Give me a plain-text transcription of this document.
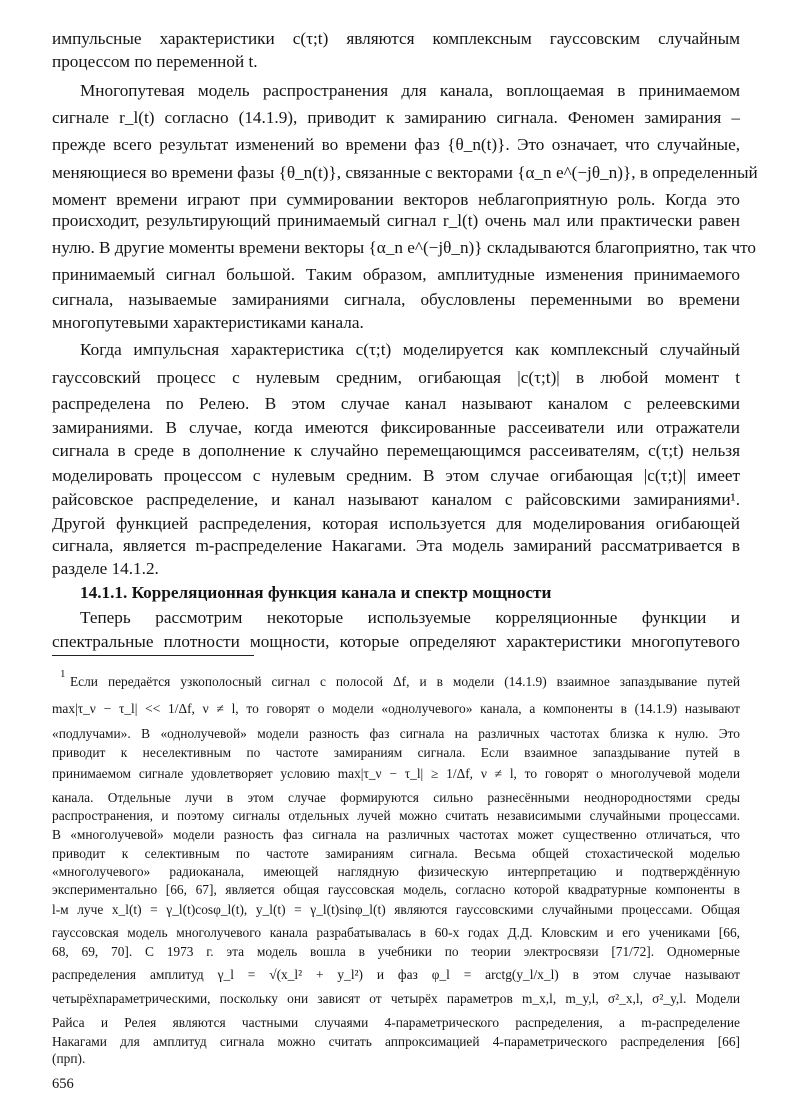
импульсные характеристики c(τ;t) являются комплексным гауссовским случайным
процессом по переменной t.
Многопутевая модель распространения для канала, воплощаемая в принимаемом
сигнале r_l(t) согласно (14.1.9), приводит к замиранию сигнала. Феномен замирания –
прежде всего результат изменений во времени фаз {θ_n(t)}. Это означает, что случайные,
меняющиеся во времени фазы {θ_n(t)}, связанные с векторами {α_n e^(−jθ_n)}, в определенный
момент времени играют при суммировании векторов неблагоприятную роль. Когда это
происходит, результирующий принимаемый сигнал r_l(t) очень мал или практически равен
нулю. В другие моменты времени векторы {α_n e^(−jθ_n)} складываются благоприятно, так что
принимаемый сигнал большой. Таким образом, амплитудные изменения принимаемого
сигнала, называемые замираниями сигнала, обусловлены переменными во времени
многопутевыми характеристиками канала.
Когда импульсная характеристика c(τ;t) моделируется как комплексный случайный
гауссовский процесс с нулевым средним, огибающая |c(τ;t)| в любой момент t
распределена по Релею. В этом случае канал называют каналом с релеевскими
замираниями. В случае, когда имеются фиксированные рассеиватели или отражатели
сигнала в среде в дополнение к случайно перемещающимся рассеивателям, c(τ;t) нельзя
моделировать процессом с нулевым средним. В этом случае огибающая |c(τ;t)| имеет
райсовское распределение, и канал называют каналом с райсовскими замираниями¹.
Другой функцией распределения, которая используется для моделирования огибающей
сигнала, является m-распределение Накагами. Эта модель замираний рассматривается в
разделе 14.1.2.
14.1.1. Корреляционная функция канала и спектр мощности
Теперь рассмотрим некоторые используемые корреляционные функции и
спектральные плотности мощности, которые определяют характеристики многопутевого
1 Если передаётся узкополосный сигнал с полосой Δf, и в модели (14.1.9) взаимное запаздывание путей
max|τ_ν − τ_l| << 1/Δf, ν ≠ l, то говорят о модели «однолучевого» канала, а компоненты в (14.1.9) называют
«подлучами». В «однолучевой» модели разность фаз сигнала на различных частотах близка к нулю. Это
приводит к неселективным по частоте замираниям сигнала. Если взаимное запаздывание путей в
принимаемом сигнале удовлетворяет условию max|τ_ν − τ_l| ≥ 1/Δf, ν ≠ l, то говорят о многолучевой модели
канала. Отдельные лучи в этом случае формируются сильно разнесёнными неоднородностями среды
распространения, и поэтому сигналы отдельных лучей можно считать независимыми случайными процессами.
В «многолучевой» модели разность фаз сигнала на различных частотах может существенно отличаться, что
приводит к селективным по частоте замираниям сигнала. Весьма общей стохастической моделью
«многолучевого» радиоканала, имеющей наглядную физическую интерпретацию и подтверждённую
экспериментально [66, 67], является общая гауссовская модель, согласно которой квадратурные компоненты в
l-м луче x_l(t) = γ_l(t)cosφ_l(t), y_l(t) = γ_l(t)sinφ_l(t) являются гауссовскими случайными процессами. Общая
гауссовская модель многолучевого канала разрабатывалась в 60-х годах Д.Д. Кловским и его учениками [66,
68, 69, 70]. С 1973 г. эта модель вошла в учебники по теории электросвязи [71/72]. Одномерные
распределения амплитуд γ_l = √(x_l² + y_l²) и фаз φ_l = arctg(y_l/x_l) в этом случае называют
четырёхпараметрическими, поскольку они зависят от четырёх параметров m_x,l, m_y,l, σ²_x,l, σ²_y,l. Модели
Райса и Релея являются частными случаями 4-параметрического распределения, а m-распределение
Накагами для амплитуд сигнала можно считать аппроксимацией 4-параметрического распределения [66]
(прп).
656
